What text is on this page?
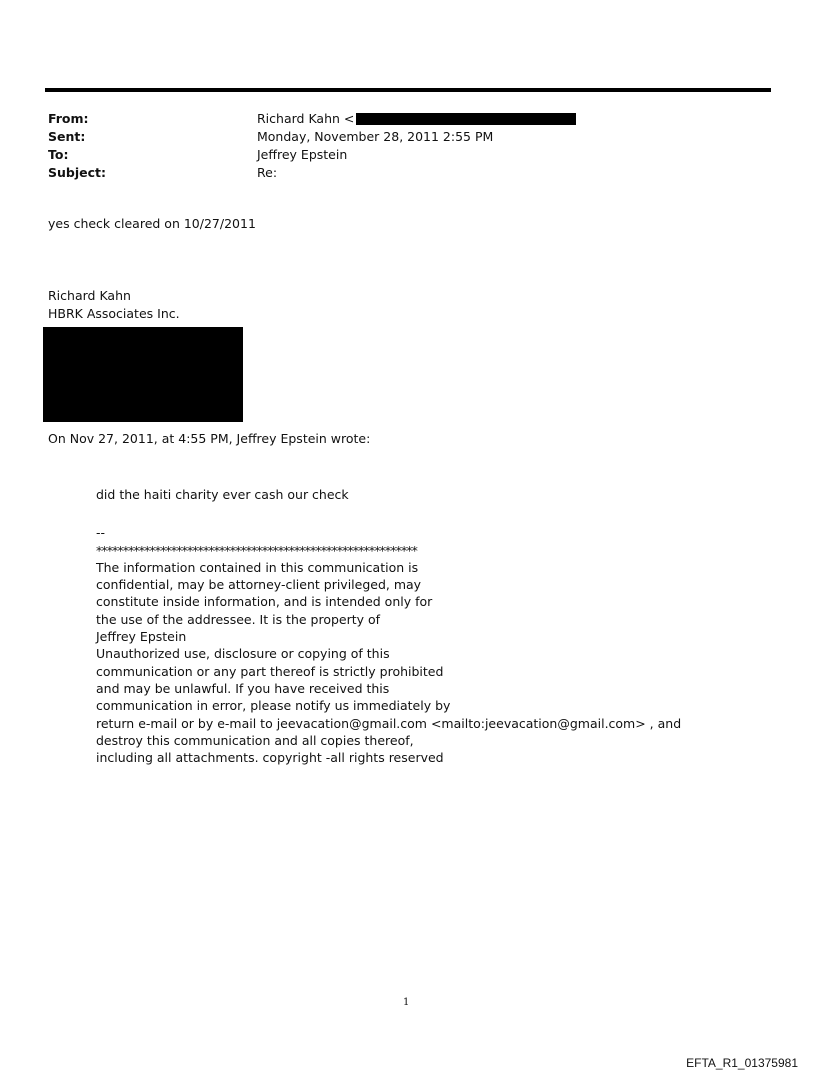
From:	Richard Kahn <
Sent:	Monday, November 28, 2011 2:55 PM
To:	Jeffrey Epstein
Subject:	Re:
yes check cleared on 10/27/2011
Richard Kahn
HBRK Associates Inc.
On Nov 27, 2011, at 4:55 PM, Jeffrey Epstein wrote:
did the haiti charity ever cash our check
--
************************************************************
The information contained in this communication is
confidential, may be attorney-client privileged, may
constitute inside information, and is intended only for
the use of the addressee. It is the property of
Jeffrey Epstein
Unauthorized use, disclosure or copying of this
communication or any part thereof is strictly prohibited
and may be unlawful. If you have received this
communication in error, please notify us immediately by
return e-mail or by e-mail to jeevacation@gmail.com <mailto:jeevacation@gmail.com> , and
destroy this communication and all copies thereof,
including all attachments. copyright -all rights reserved
1
EFTA_R1_01375981
